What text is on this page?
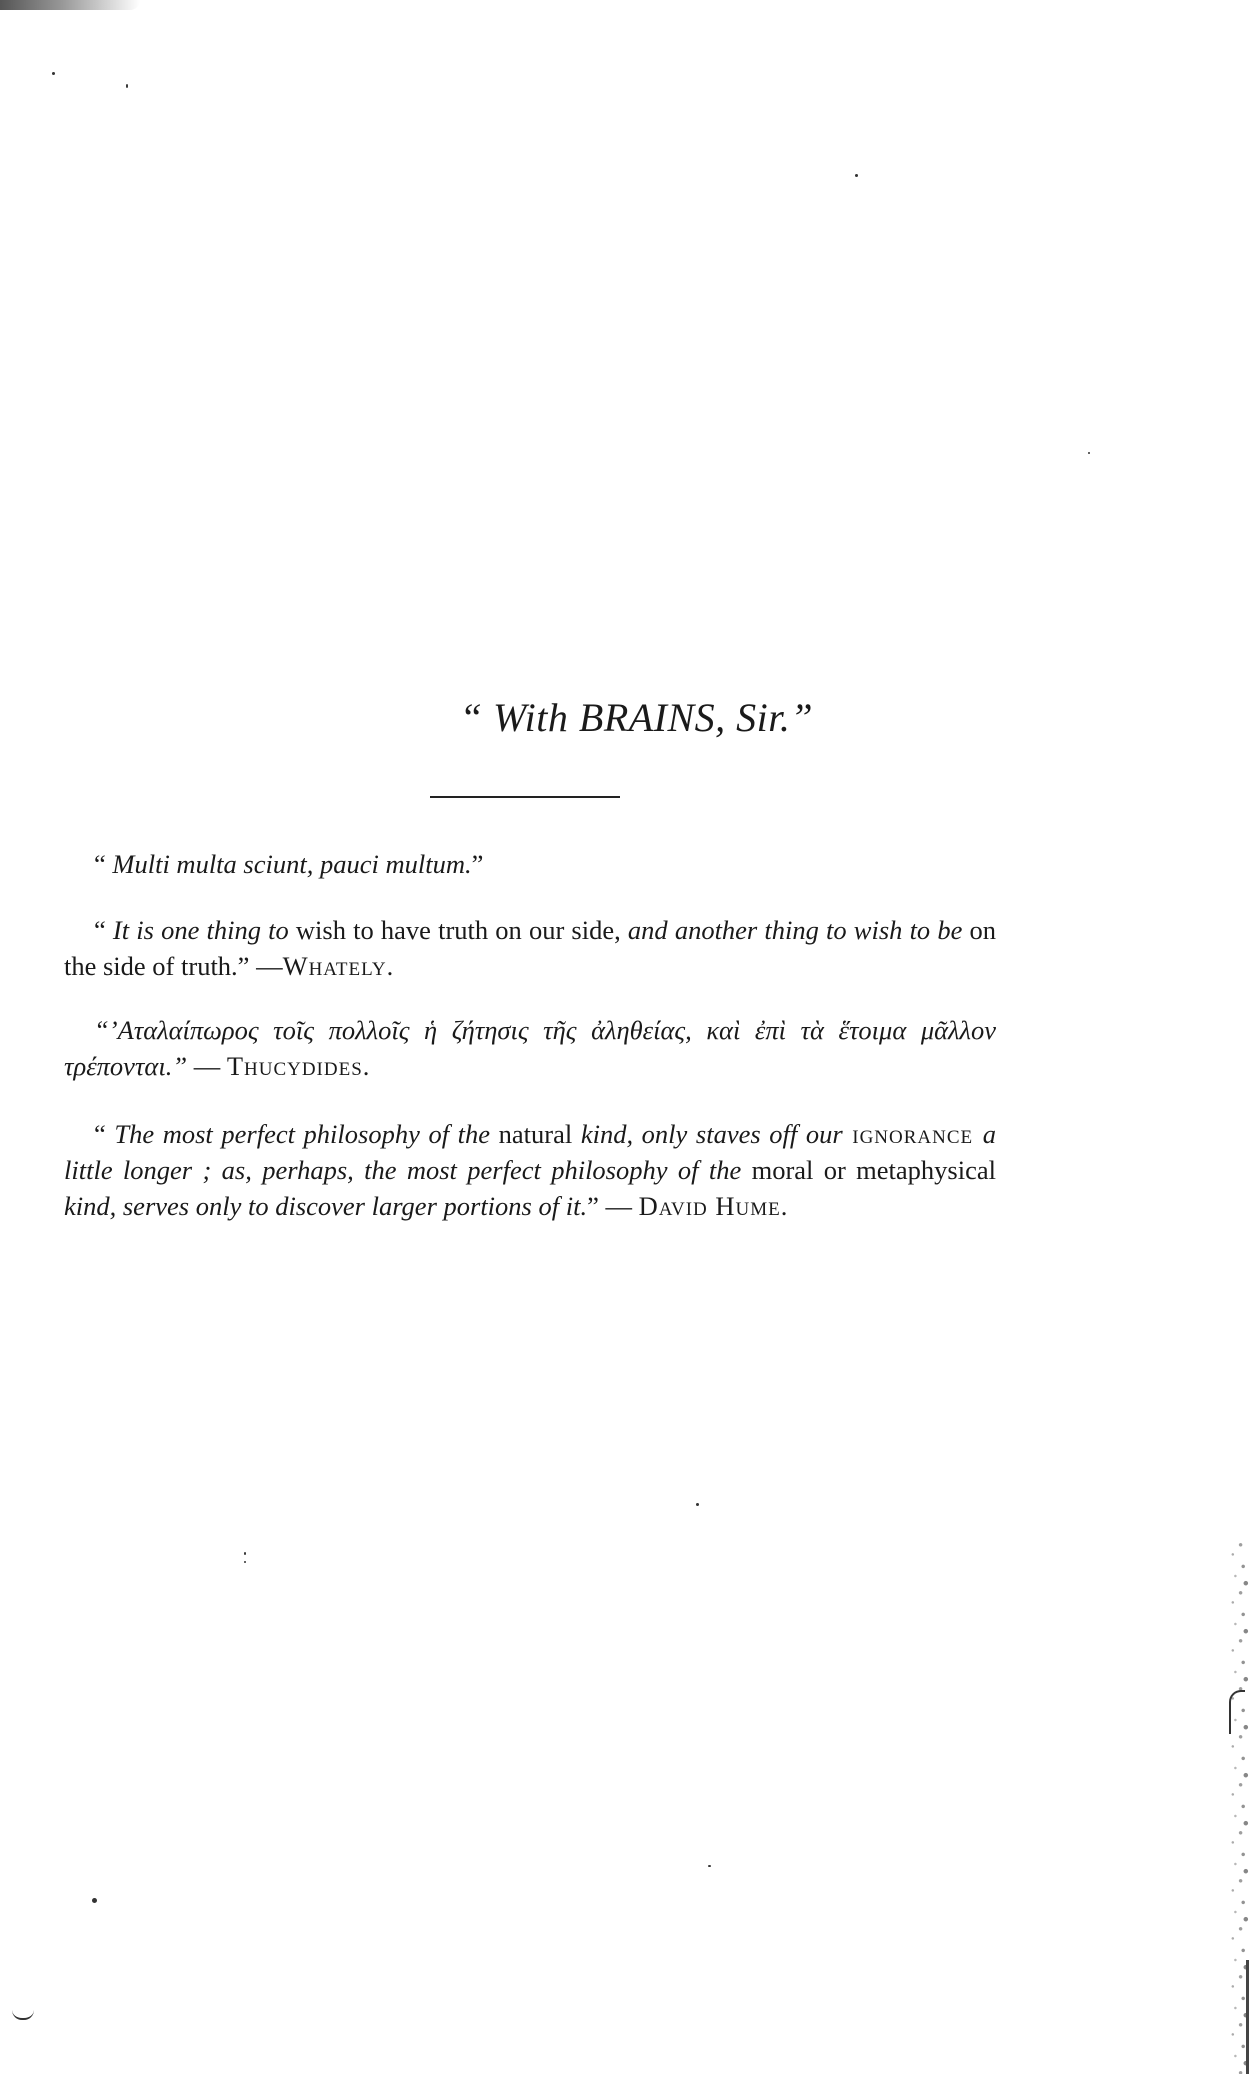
“ With BRAINS, Sir.”

“ Multi multa sciunt, pauci multum.”

“ It is one thing to wish to have truth on our side, and another thing to wish to be on the side of truth.” —Whately.

“’Αταλαίπωρος τοῖς πολλοῖς ἡ ζήτησις τῆς ἀληθείας, καὶ ἐπὶ τὰ ἕτοιμα μᾶλλον τρέπονται.” — Thucydides.

“ The most perfect philosophy of the natural kind, only staves off our ignorance a little longer ; as, perhaps, the most perfect philosophy of the moral or metaphysical kind, serves only to discover larger portions of it.” — David Hume.
